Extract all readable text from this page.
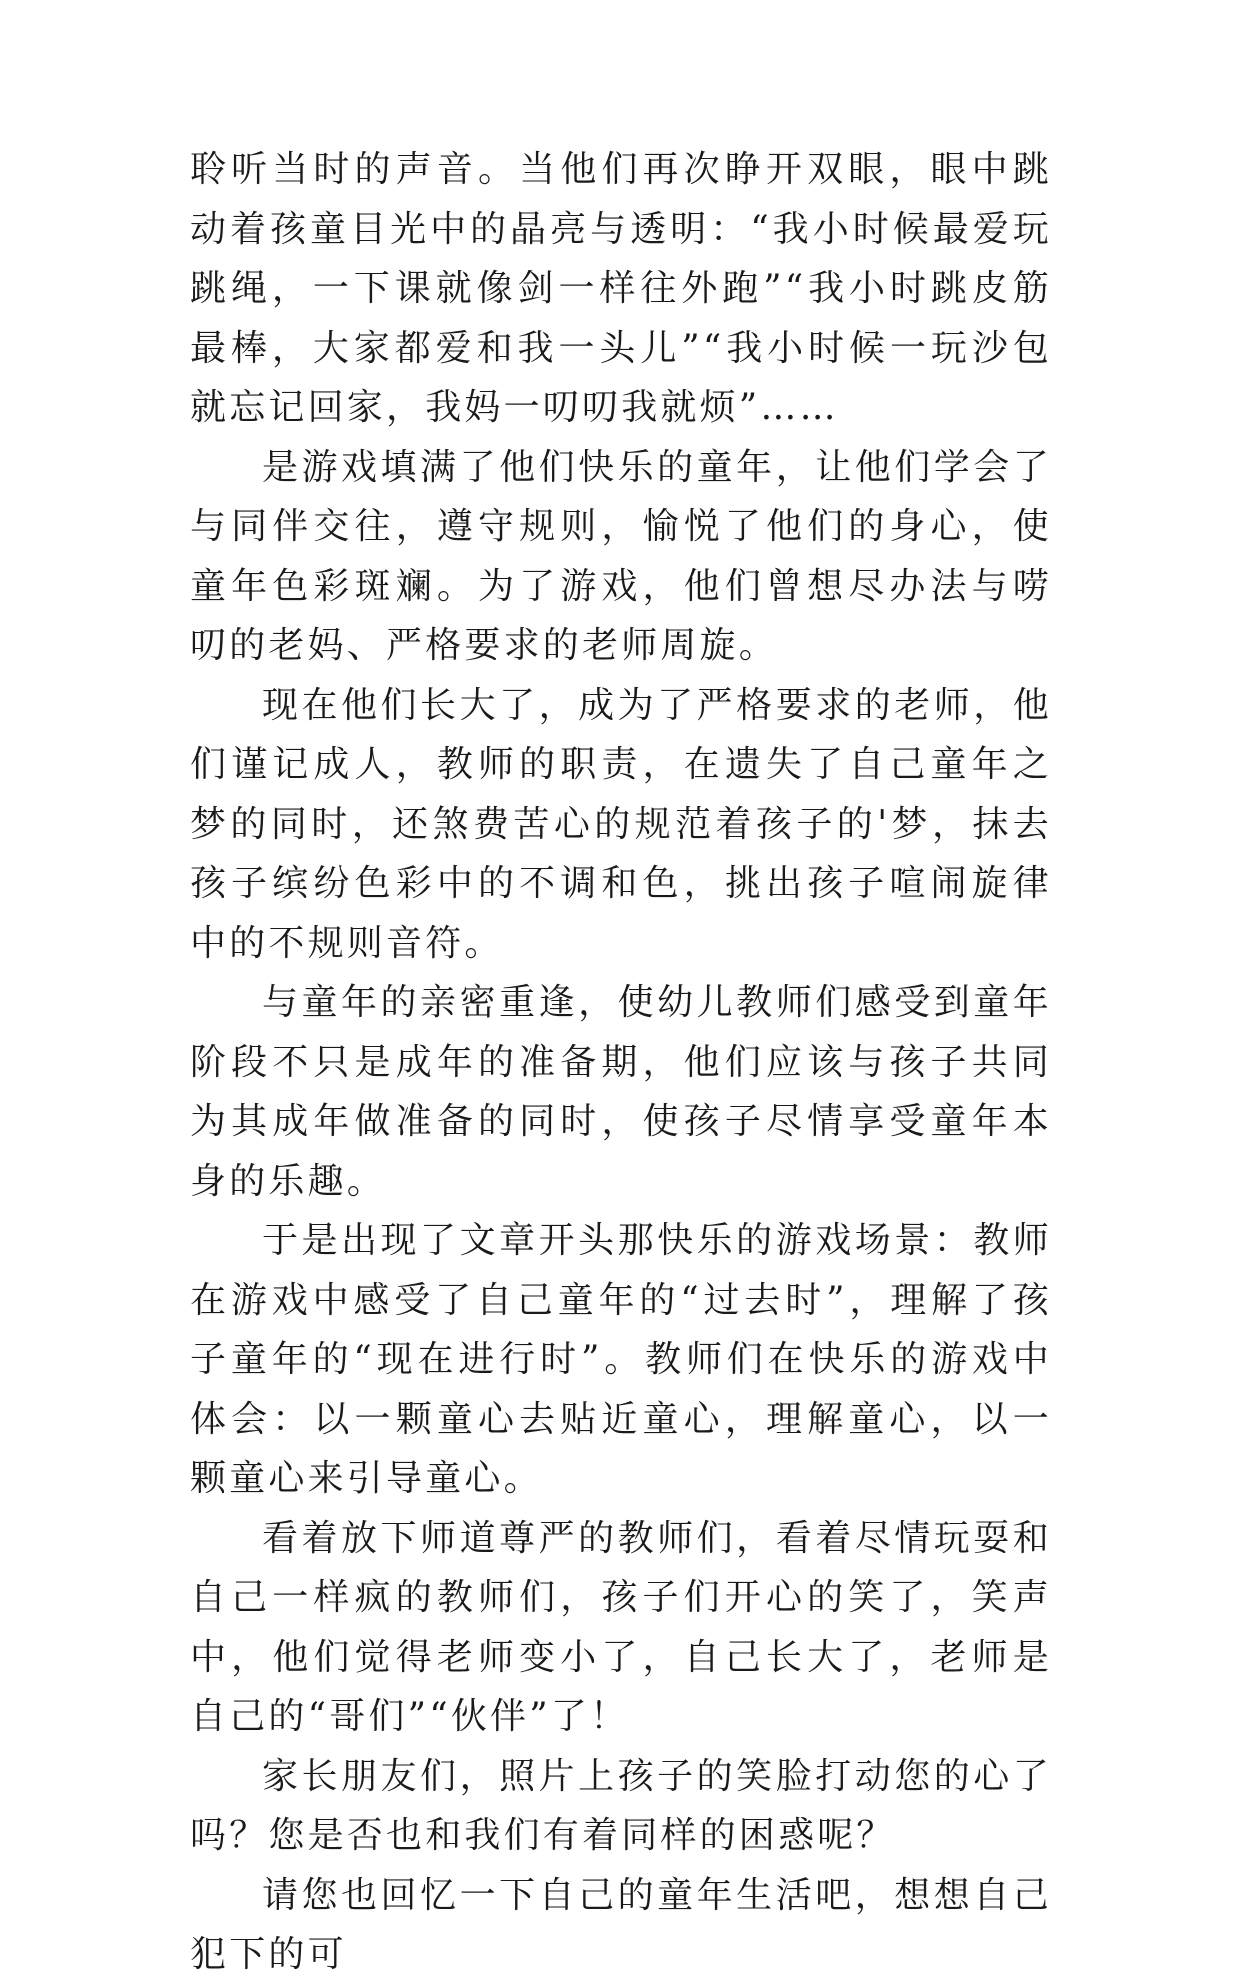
聆听当时的声音。当他们再次睁开双眼，眼中跳动着孩童目光中的晶亮与透明：“我小时候最爱玩跳绳，一下课就像剑一样往外跑”“我小时跳皮筋最棒，大家都爱和我一头儿”“我小时候一玩沙包就忘记回家，我妈一叨叨我就烦”……

是游戏填满了他们快乐的童年，让他们学会了与同伴交往，遵守规则，愉悦了他们的身心，使童年色彩斑斓。为了游戏，他们曾想尽办法与唠叨的老妈、严格要求的老师周旋。

现在他们长大了，成为了严格要求的老师，他们谨记成人，教师的职责，在遗失了自己童年之梦的同时，还煞费苦心的规范着孩子的'梦，抹去孩子缤纷色彩中的不调和色，挑出孩子喧闹旋律中的不规则音符。

与童年的亲密重逢，使幼儿教师们感受到童年阶段不只是成年的准备期，他们应该与孩子共同为其成年做准备的同时，使孩子尽情享受童年本身的乐趣。

于是出现了文章开头那快乐的游戏场景：教师在游戏中感受了自己童年的“过去时”，理解了孩子童年的“现在进行时”。教师们在快乐的游戏中体会：以一颗童心去贴近童心，理解童心，以一颗童心来引导童心。

看着放下师道尊严的教师们，看着尽情玩耍和自己一样疯的教师们，孩子们开心的笑了，笑声中，他们觉得老师变小了，自己长大了，老师是自己的“哥们”“伙伴”了！

家长朋友们，照片上孩子的笑脸打动您的心了吗？您是否也和我们有着同样的困惑呢？

请您也回忆一下自己的童年生活吧，想想自己犯下的可
